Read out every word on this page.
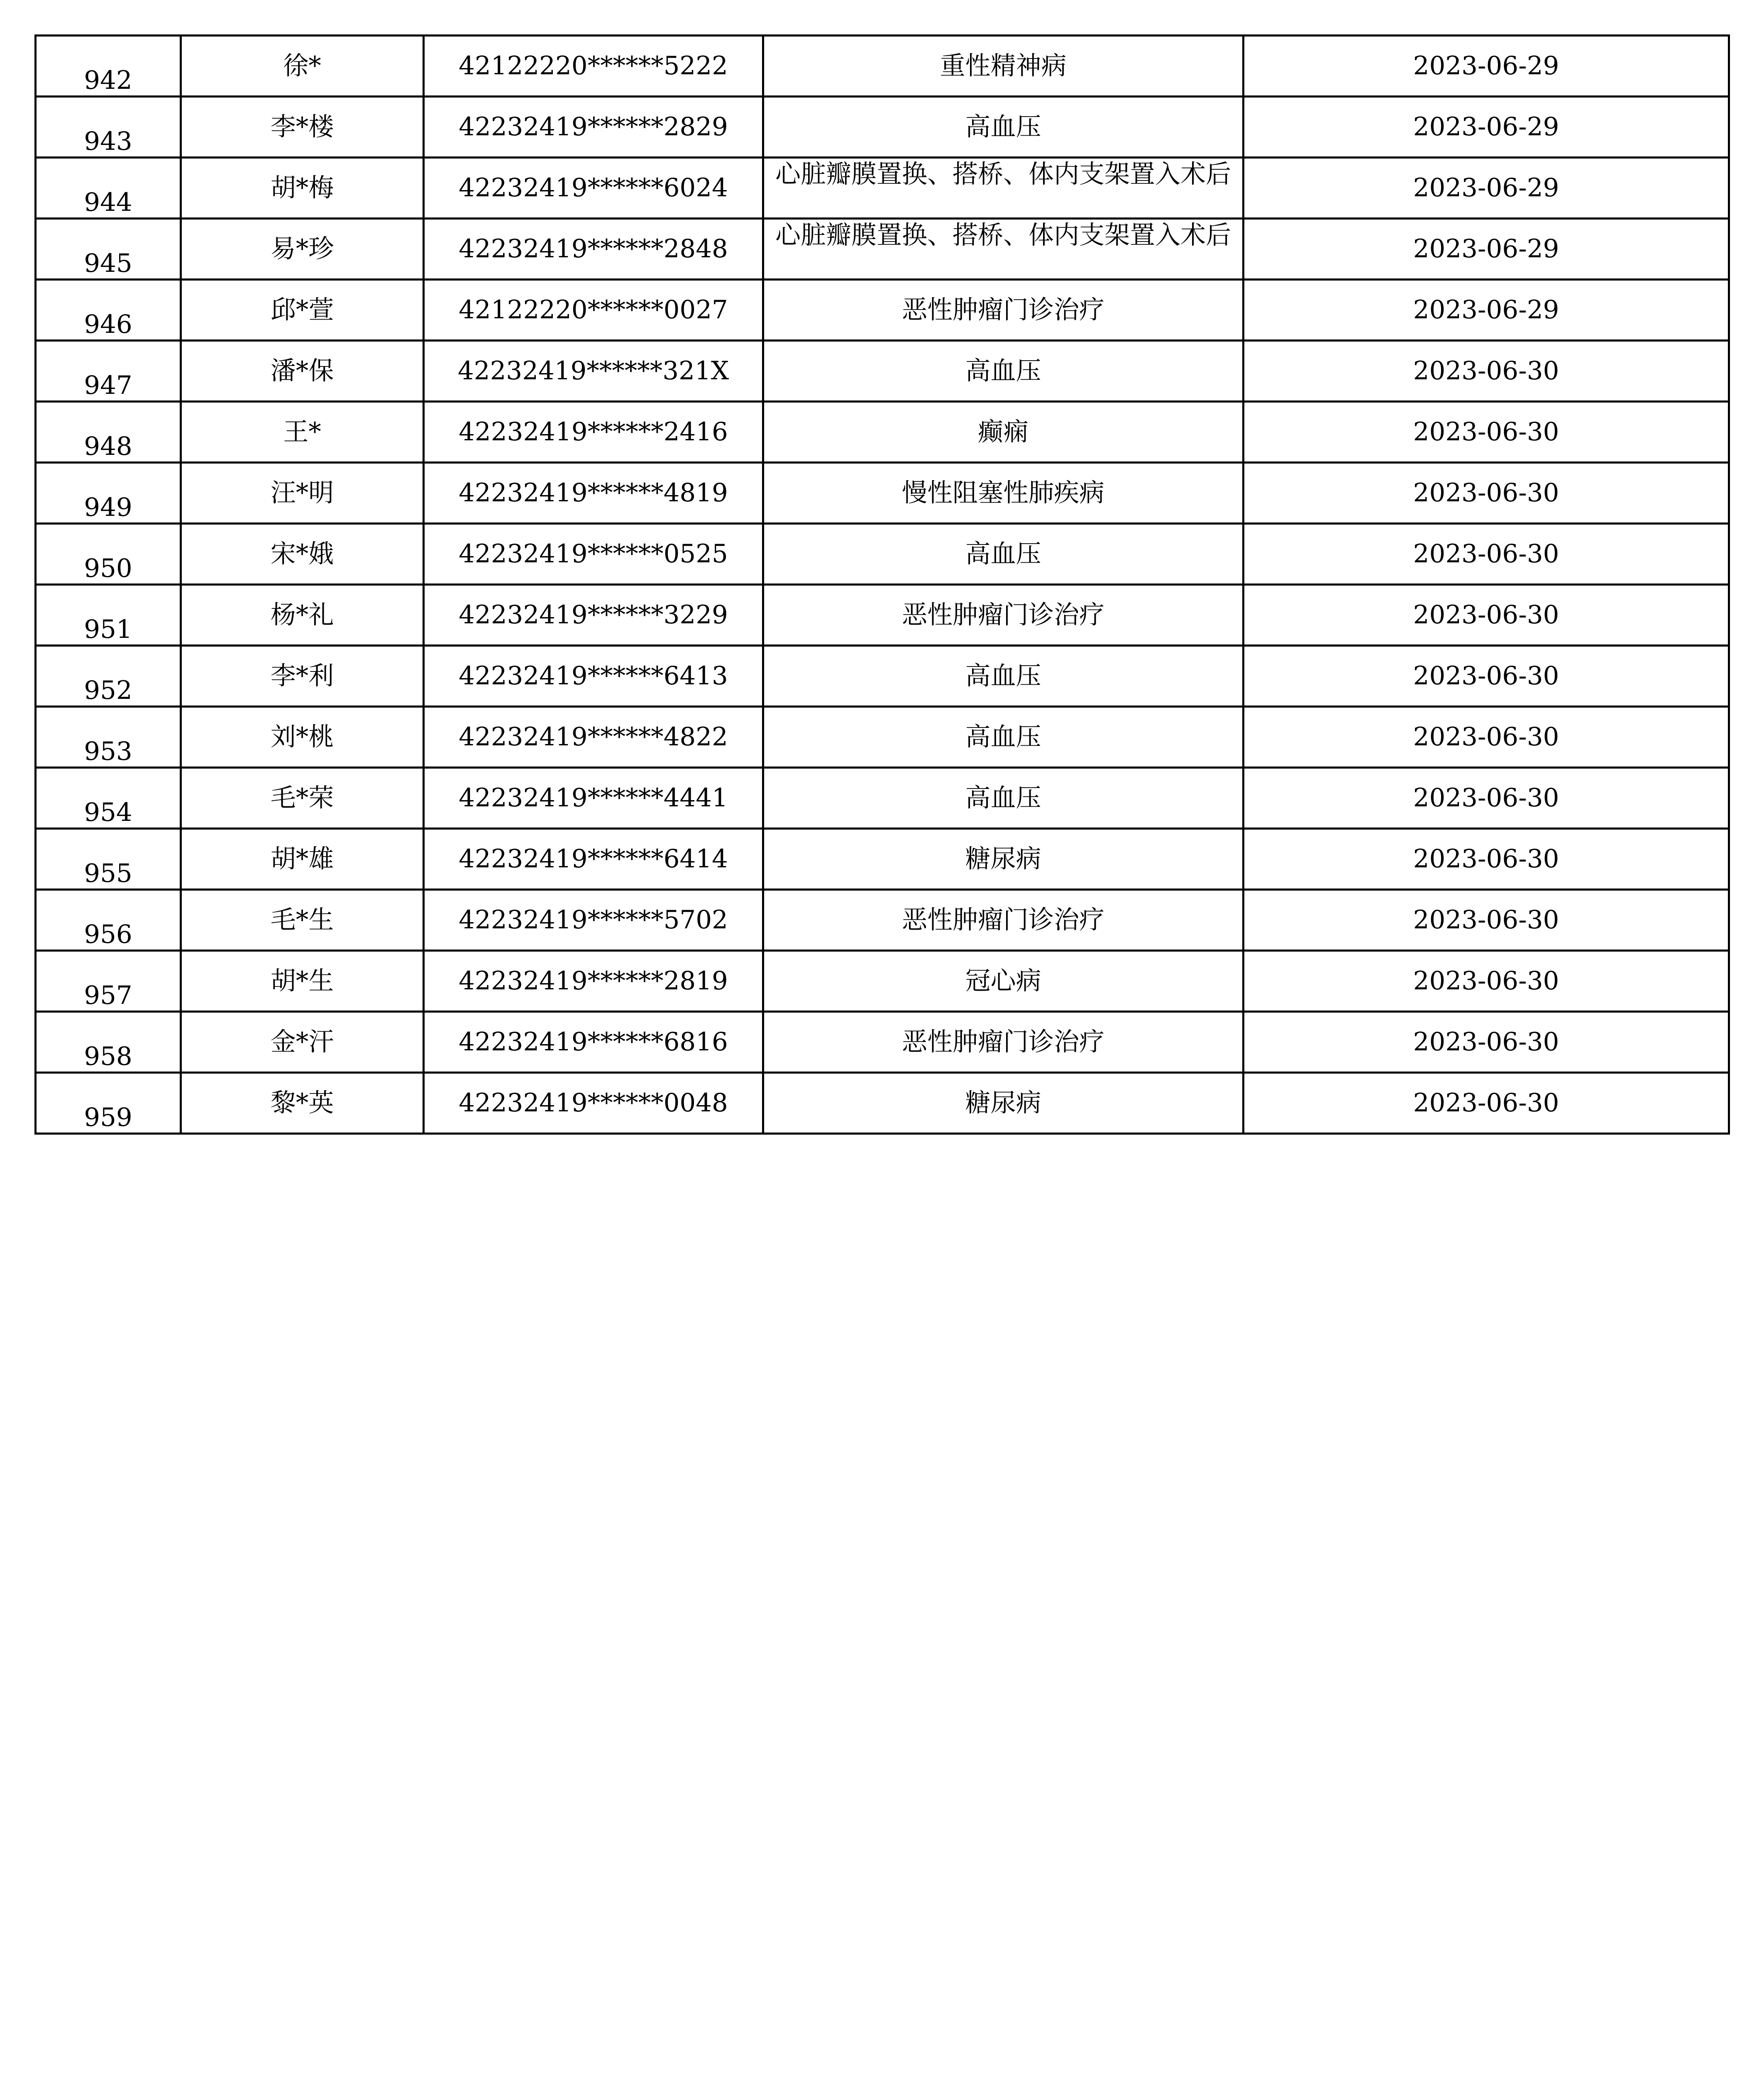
942	徐*	42122220******5222	重性精神病	2023-06-29
943	李*楼	42232419******2829	高血压	2023-06-29
944	胡*梅	42232419******6024	心脏瓣膜置换、搭桥、体内支架置入术后	2023-06-29
945	易*珍	42232419******2848	心脏瓣膜置换、搭桥、体内支架置入术后	2023-06-29
946	邱*萱	42122220******0027	恶性肿瘤门诊治疗	2023-06-29
947	潘*保	42232419******321X	高血压	2023-06-30
948	王*	42232419******2416	癫痫	2023-06-30
949	汪*明	42232419******4819	慢性阻塞性肺疾病	2023-06-30
950	宋*娥	42232419******0525	高血压	2023-06-30
951	杨*礼	42232419******3229	恶性肿瘤门诊治疗	2023-06-30
952	李*利	42232419******6413	高血压	2023-06-30
953	刘*桃	42232419******4822	高血压	2023-06-30
954	毛*荣	42232419******4441	高血压	2023-06-30
955	胡*雄	42232419******6414	糖尿病	2023-06-30
956	毛*生	42232419******5702	恶性肿瘤门诊治疗	2023-06-30
957	胡*生	42232419******2819	冠心病	2023-06-30
958	金*汗	42232419******6816	恶性肿瘤门诊治疗	2023-06-30
959	黎*英	42232419******0048	糖尿病	2023-06-30
